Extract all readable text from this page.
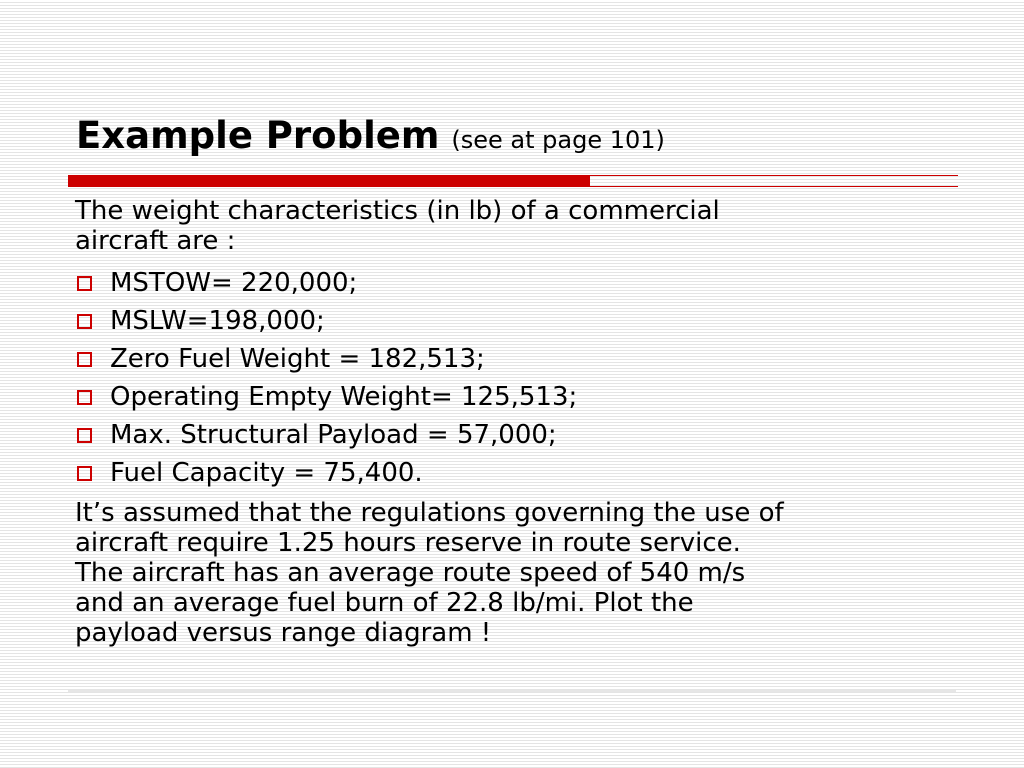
Example Problem (see at page 101)

The weight characteristics (in lb) of a commercial
aircraft are :

MSTOW= 220,000;
MSLW=198,000;
Zero Fuel Weight = 182,513;
Operating Empty Weight= 125,513;
Max. Structural Payload = 57,000;
Fuel Capacity = 75,400.

It’s assumed that the regulations governing the use of
aircraft require 1.25 hours reserve in route service.
The aircraft has an average route speed of 540 m/s
and an average fuel burn of 22.8 lb/mi. Plot the
payload versus range diagram !
